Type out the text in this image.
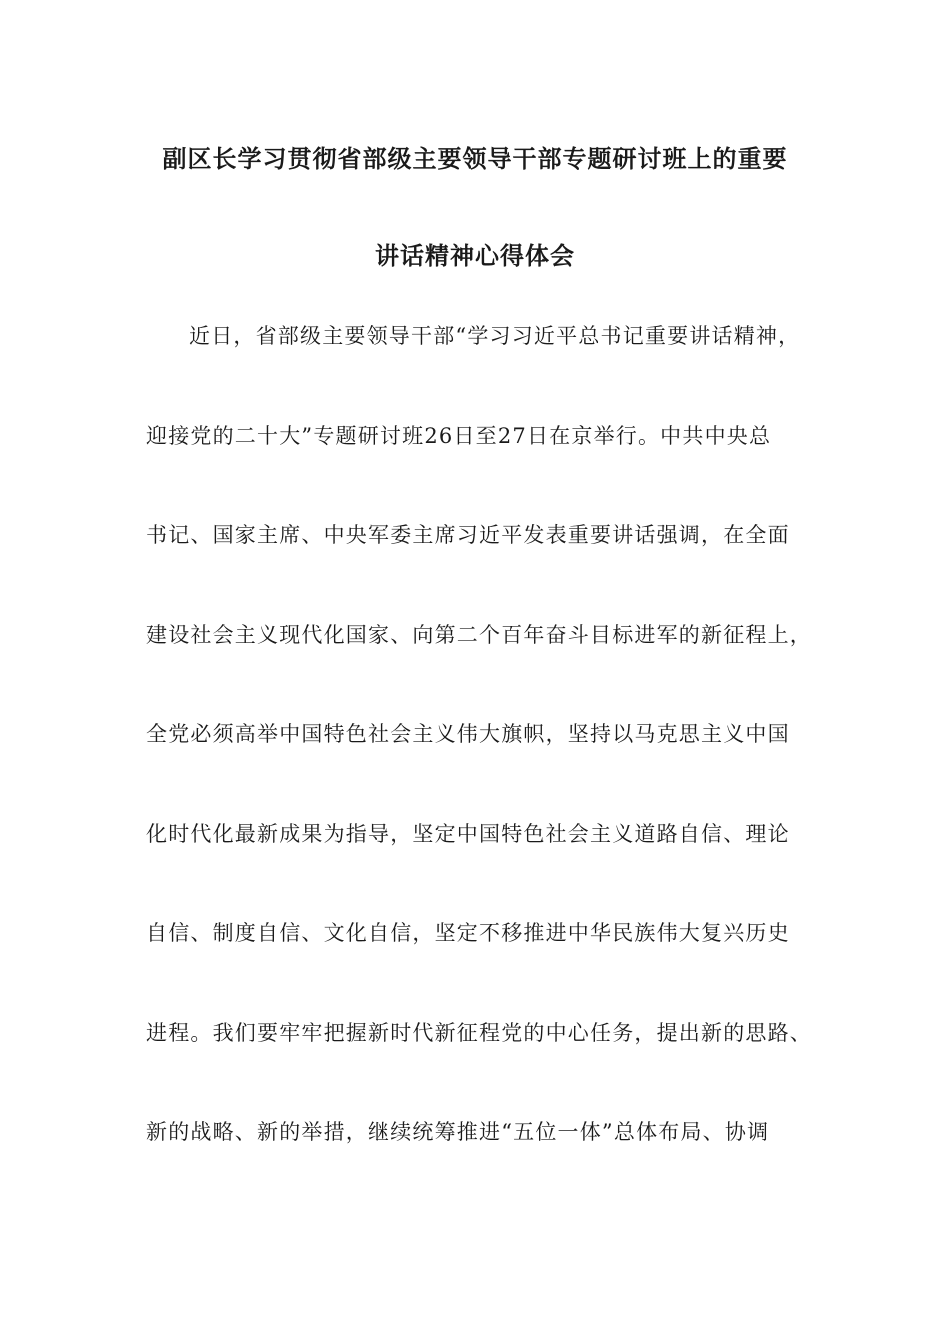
副区长学习贯彻省部级主要领导干部专题研讨班上的重要
讲话精神心得体会
近日，省部级主要领导干部“学习习近平总书记重要讲话精神，
迎接党的二十大”专题研讨班26日至27日在京举行。中共中央总
书记、国家主席、中央军委主席习近平发表重要讲话强调，在全面
建设社会主义现代化国家、向第二个百年奋斗目标进军的新征程上，
全党必须高举中国特色社会主义伟大旗帜，坚持以马克思主义中国
化时代化最新成果为指导，坚定中国特色社会主义道路自信、理论
自信、制度自信、文化自信，坚定不移推进中华民族伟大复兴历史
进程。我们要牢牢把握新时代新征程党的中心任务，提出新的思路、
新的战略、新的举措，继续统筹推进“五位一体”总体布局、协调
